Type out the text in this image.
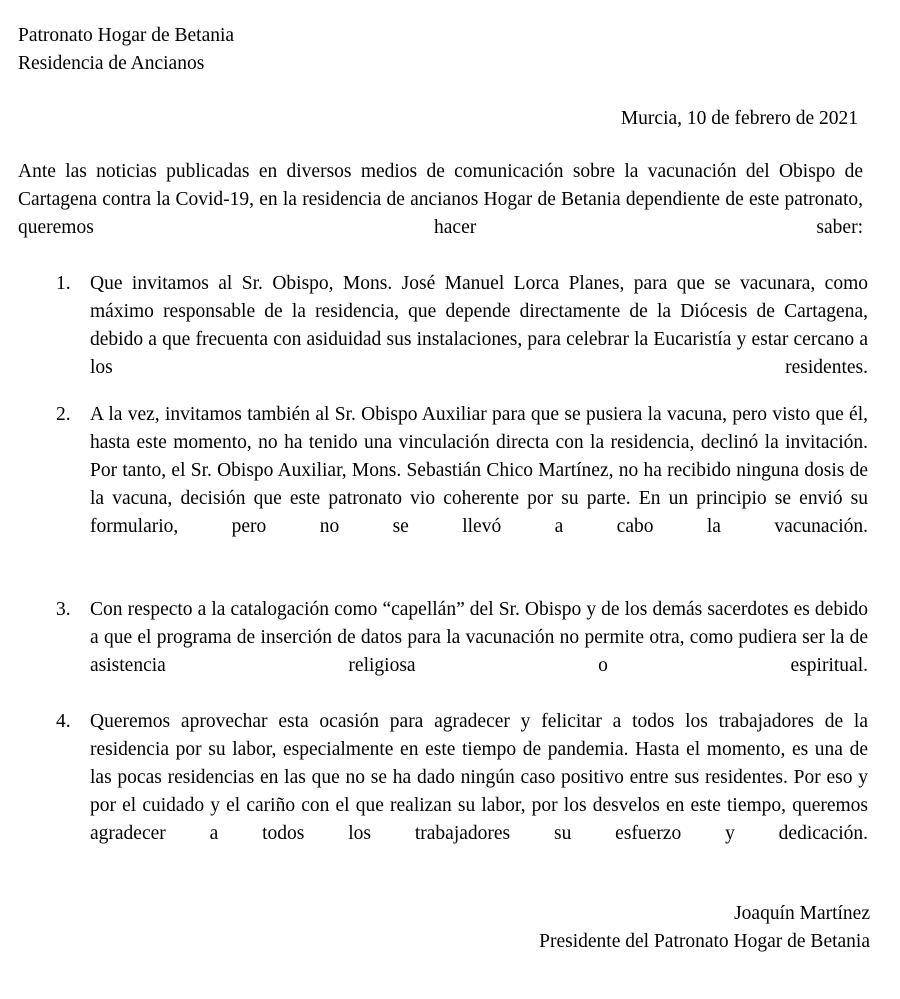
Patronato Hogar de Betania
Residencia de Ancianos
Murcia, 10 de febrero de 2021
Ante las noticias publicadas en diversos medios de comunicación sobre la vacunación del Obispo de Cartagena contra la Covid-19, en la residencia de ancianos Hogar de Betania dependiente de este patronato, queremos hacer saber:
1. Que invitamos al Sr. Obispo, Mons. José Manuel Lorca Planes, para que se vacunara, como máximo responsable de la residencia, que depende directamente de la Diócesis de Cartagena, debido a que frecuenta con asiduidad sus instalaciones, para celebrar la Eucaristía y estar cercano a los residentes.
2. A la vez, invitamos también al Sr. Obispo Auxiliar para que se pusiera la vacuna, pero visto que él, hasta este momento, no ha tenido una vinculación directa con la residencia, declinó la invitación. Por tanto, el Sr. Obispo Auxiliar, Mons. Sebastián Chico Martínez, no ha recibido ninguna dosis de la vacuna, decisión que este patronato vio coherente por su parte. En un principio se envió su formulario, pero no se llevó a cabo la vacunación.
3. Con respecto a la catalogación como “capellán” del Sr. Obispo y de los demás sacerdotes es debido a que el programa de inserción de datos para la vacunación no permite otra, como pudiera ser la de asistencia religiosa o espiritual.
4. Queremos aprovechar esta ocasión para agradecer y felicitar a todos los trabajadores de la residencia por su labor, especialmente en este tiempo de pandemia. Hasta el momento, es una de las pocas residencias en las que no se ha dado ningún caso positivo entre sus residentes. Por eso y por el cuidado y el cariño con el que realizan su labor, por los desvelos en este tiempo, queremos agradecer a todos los trabajadores su esfuerzo y dedicación.
Joaquín Martínez
Presidente del Patronato Hogar de Betania
